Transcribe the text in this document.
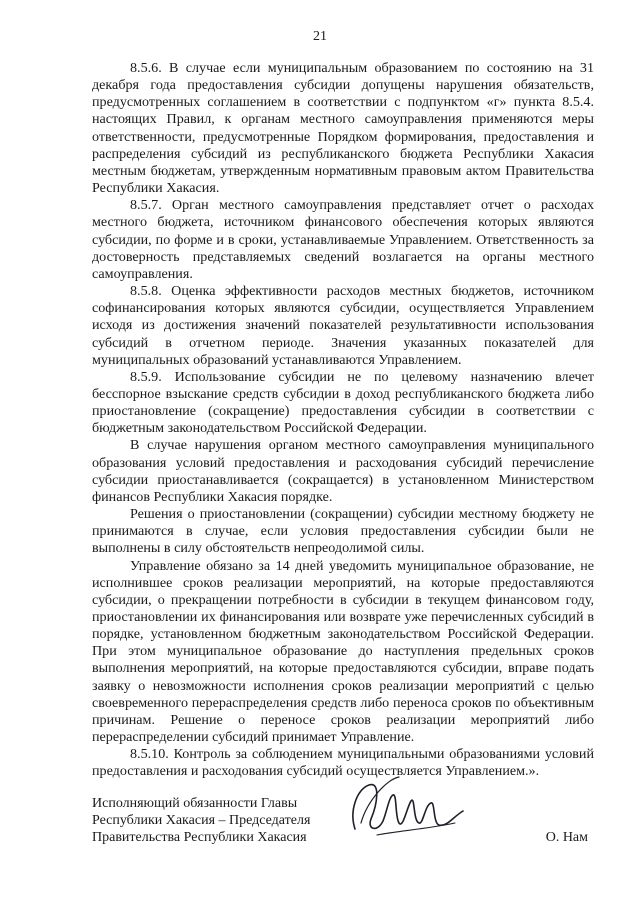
21

8.5.6. В случае если муниципальным образованием по состоянию на 31 декабря года предоставления субсидии допущены нарушения обязательств, предусмотренных соглашением в соответствии с подпунктом «г» пункта 8.5.4. настоящих Правил, к органам местного самоуправления применяются меры ответственности, предусмотренные Порядком формирования, предоставления и распределения субсидий из республиканского бюджета Республики Хакасия местным бюджетам, утвержденным нормативным правовым актом Правительства Республики Хакасия.

8.5.7. Орган местного самоуправления представляет отчет о расходах местного бюджета, источником финансового обеспечения которых являются субсидии, по форме и в сроки, устанавливаемые Управлением. Ответственность за достоверность представляемых сведений возлагается на органы местного самоуправления.

8.5.8. Оценка эффективности расходов местных бюджетов, источником софинансирования которых являются субсидии, осуществляется Управлением исходя из достижения значений показателей результативности использования субсидий в отчетном периоде. Значения указанных показателей для муниципальных образований устанавливаются Управлением.

8.5.9. Использование субсидии не по целевому назначению влечет бесспорное взыскание средств субсидии в доход республиканского бюджета либо приостановление (сокращение) предоставления субсидии в соответствии с бюджетным законодательством Российской Федерации.

В случае нарушения органом местного самоуправления муниципального образования условий предоставления и расходования субсидий перечисление субсидии приостанавливается (сокращается) в установленном Министерством финансов Республики Хакасия порядке.

Решения о приостановлении (сокращении) субсидии местному бюджету не принимаются в случае, если условия предоставления субсидии были не выполнены в силу обстоятельств непреодолимой силы.

Управление обязано за 14 дней уведомить муниципальное образование, не исполнившее сроков реализации мероприятий, на которые предоставляются субсидии, о прекращении потребности в субсидии в текущем финансовом году, приостановлении их финансирования или возврате уже перечисленных субсидий в порядке, установленном бюджетным законодательством Российской Федерации. При этом муниципальное образование до наступления предельных сроков выполнения мероприятий, на которые предоставляются субсидии, вправе подать заявку о невозможности исполнения сроков реализации мероприятий с целью своевременного перераспределения средств либо переноса сроков по объективным причинам. Решение о переносе сроков реализации мероприятий либо перераспределении субсидий принимает Управление.

8.5.10. Контроль за соблюдением муниципальными образованиями условий предоставления и расходования субсидий осуществляется Управлением.».

Исполняющий обязанности Главы
Республики Хакасия – Председателя
Правительства Республики Хакасия	О. Нам
